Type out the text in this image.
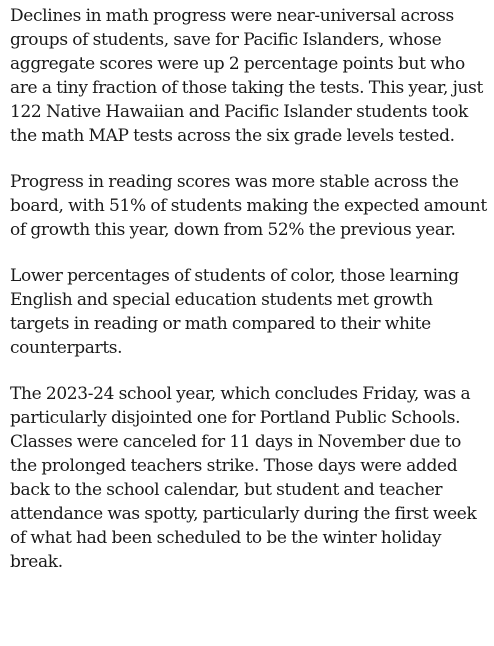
Declines in math progress were near-universal across groups of students, save for Pacific Islanders, whose aggregate scores were up 2 percentage points but who are a tiny fraction of those taking the tests. This year, just 122 Native Hawaiian and Pacific Islander students took the math MAP tests across the six grade levels tested.

Progress in reading scores was more stable across the board, with 51% of students making the expected amount of growth this year, down from 52% the previous year.

Lower percentages of students of color, those learning English and special education students met growth targets in reading or math compared to their white counterparts.

The 2023-24 school year, which concludes Friday, was a particularly disjointed one for Portland Public Schools. Classes were canceled for 11 days in November due to the prolonged teachers strike. Those days were added back to the school calendar, but student and teacher attendance was spotty, particularly during the first week of what had been scheduled to be the winter holiday break.
